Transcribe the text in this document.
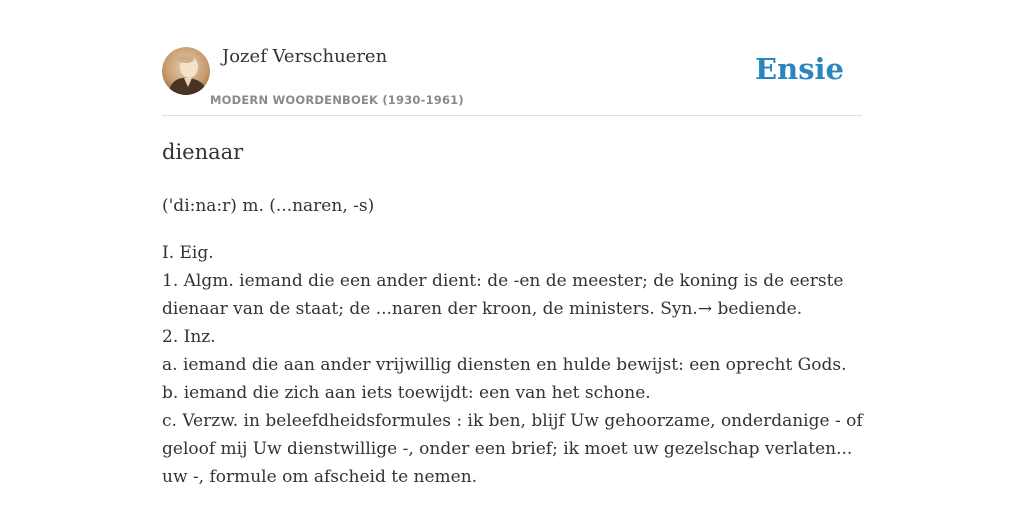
Jozef Verschueren
MODERN WOORDENBOEK (1930-1961)
Ensie
dienaar
('di:na:r) m. (...naren, -s)
I. Eig.
1. Algm. iemand die een ander dient: de -en de meester; de koning is de eerste
dienaar van de staat; de ...naren der kroon, de ministers. Syn.→ bediende.
2. Inz.
a. iemand die aan ander vrijwillig diensten en hulde bewijst: een oprecht Gods.
b. iemand die zich aan iets toewijdt: een van het schone.
c. Verzw. in beleefdheidsformules : ik ben, blijf Uw gehoorzame, onderdanige - of
geloof mij Uw dienstwillige -, onder een brief; ik moet uw gezelschap verlaten...
uw -, formule om afscheid te nemen.
